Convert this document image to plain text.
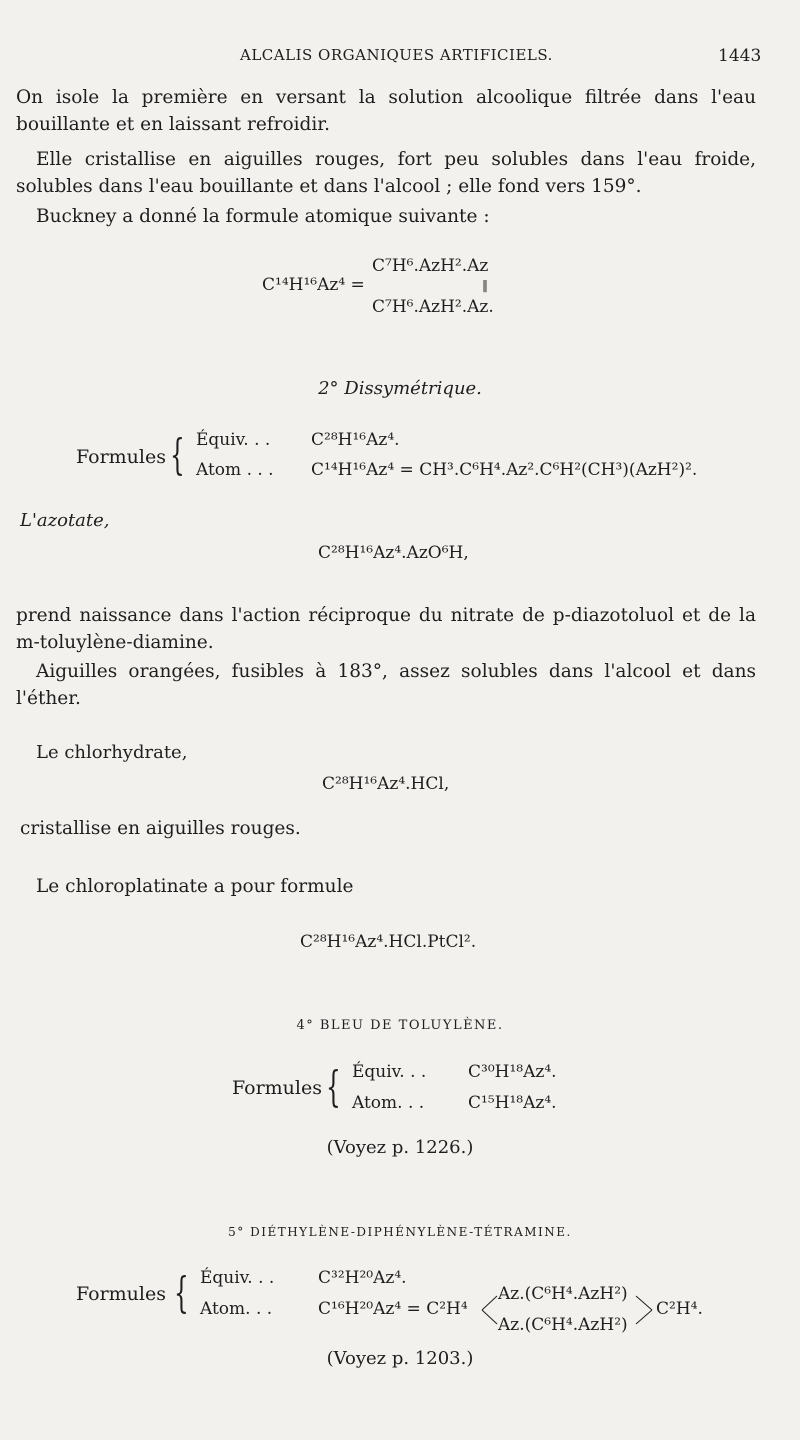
ALCALIS ORGANIQUES ARTIFICIELS.	1443
On isole la première en versant la solution alcoolique filtrée dans l'eau bouillante et en laissant refroidir.
Elle cristallise en aiguilles rouges, fort peu solubles dans l'eau froide, solubles dans l'eau bouillante et dans l'alcool ; elle fond vers 159°.
Buckney a donné la formule atomique suivante :
C¹⁴H¹⁶Az⁴ =
C⁷H⁶.AzH².Az
‖
C⁷H⁶.AzH².Az.
2° Dissymétrique.
Formules { Équiv. . . C²⁸H¹⁶Az⁴.
Atom . . . C¹⁴H¹⁶Az⁴ = CH³.C⁶H⁴.Az².C⁶H²(CH³)(AzH²)².
L'azotate,
C²⁸H¹⁶Az⁴.AzO⁶H,
prend naissance dans l'action réciproque du nitrate de p-diazotoluol et de la m-toluylène-diamine.
Aiguilles orangées, fusibles à 183°, assez solubles dans l'alcool et dans l'éther.
Le chlorhydrate,
C²⁸H¹⁶Az⁴.HCl,
cristallise en aiguilles rouges.
Le chloroplatinate a pour formule
C²⁸H¹⁶Az⁴.HCl.PtCl².
4° BLEU DE TOLUYLÈNE.
Formules { Équiv. . . C³⁰H¹⁸Az⁴.
Atom. . .	C¹⁵H¹⁸Az⁴.
(Voyez p. 1226.)
5° DIÉTHYLÈNE-DIPHÉNYLÈNE-TÉTRAMINE.
Formules { Équiv. . .	C³²H²⁰Az⁴.
Atom. . .	C¹⁶H²⁰Az⁴ = C²H⁴
Az.(C⁶H⁴.AzH²)
Az.(C⁶H⁴.AzH²)
C²H⁴.
(Voyez p. 1203.)
